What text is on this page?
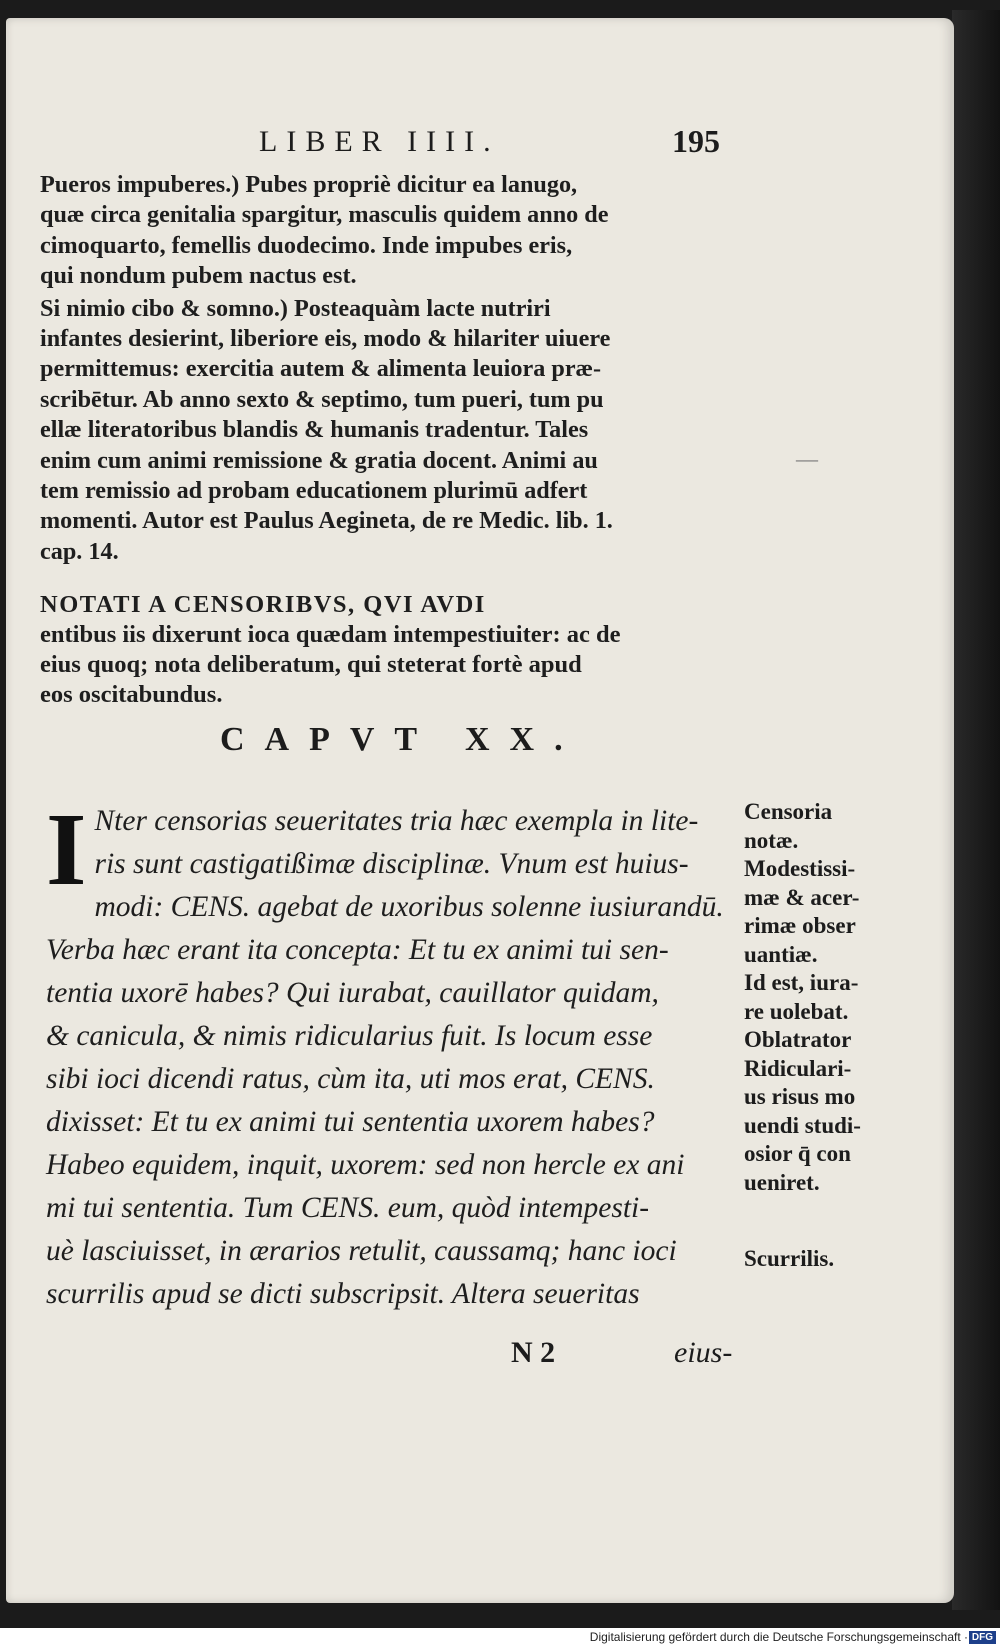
LIBER IIII.	195

Pueros impuberes.) Pubes propriè dicitur ea lanugo,
quæ circa genitalia spargitur, masculis quidem anno de
cimoquarto, femellis duodecimo. Inde impubes eris,
qui nondum pubem nactus est.

Si nimio cibo & somno.) Posteaquàm lacte nutriri
infantes desierint, liberiore eis, modo & hilariter uiuere
permittemus: exercitia autem & alimenta leuiora præ-
scribētur. Ab anno sexto & septimo, tum pueri, tum pu
ellæ literatoribus blandis & humanis tradentur. Tales
enim cum animi remissione & gratia docent. Animi au
tem remissio ad probam educationem plurimū adfert
momenti. Autor est Paulus Aegineta, de re Medic. lib. 1.
cap. 14.

—
NOTATI A CENSORIBVS, QVI AVDI
entibus iis dixerunt ioca quædam intempestiuiter: ac de
eius quoq; nota deliberatum, qui steterat fortè apud
eos oscitabundus.
CAPVT XX.
I Nter censorias seueritates tria hæc exempla in lite-
ris sunt castigatißimæ disciplinæ. Vnum est huius-
modi: CENS. agebat de uxoribus solenne iusiurandū.
Verba hæc erant ita concepta: Et tu ex animi tui sen-
tentia uxorē habes? Qui iurabat, cauillator quidam,
& canicula, & nimis ridicularius fuit. Is locum esse
sibi ioci dicendi ratus, cùm ita, uti mos erat, CENS.
dixisset: Et tu ex animi tui sententia uxorem habes?
Habeo equidem, inquit, uxorem: sed non hercle ex ani
mi tui sententia. Tum CENS. eum, quòd intempesti-
uè lasciuisset, in ærarios retulit, caussamq; hanc ioci
scurrilis apud se dicti subscripsit. Altera seueritas
Censoria
notæ.
Modestissi-
mæ & acer-
rimæ obser
uantiæ.
Id est, iura-
re uolebat.
Oblatrator
Ridiculari-
us risus mo
uendi studi-
osior q̄ con
ueniret.
Scurrilis.
N 2	eius-
Digitalisierung gefördert durch die Deutsche Forschungsgemeinschaft · DFG
